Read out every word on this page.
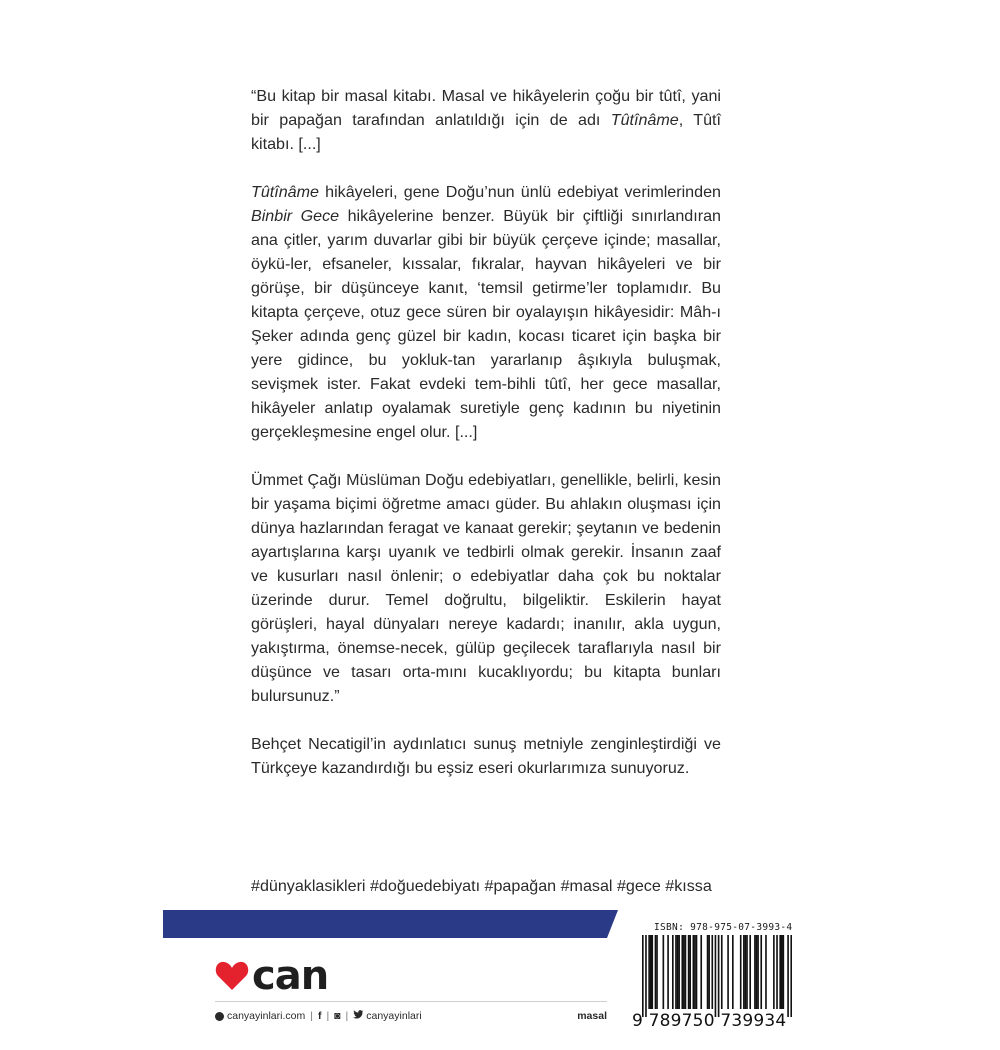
“Bu kitap bir masal kitabı. Masal ve hikâyelerin çoğu bir tûtî, yani bir papağan tarafından anlatıldığı için de adı Tûtînâme, Tûtî kitabı. [...]

Tûtînâme hikâyeleri, gene Doğu’nun ünlü edebiyat verimlerinden Binbir Gece hikâyelerine benzer. Büyük bir çiftliği sınırlandıran ana çitler, yarım duvarlar gibi bir büyük çerçeve içinde; masallar, öykü-ler, efsaneler, kıssalar, fıkralar, hayvan hikâyeleri ve bir görüşe, bir düşünceye kanıt, ‘temsil getirme’ler toplamıdır. Bu kitapta çerçeve, otuz gece süren bir oyalayışın hikâyesidir: Mâh-ı Şeker adında genç güzel bir kadın, kocası ticaret için başka bir yere gidince, bu yokluk-tan yararlanıp âşıkıyla buluşmak, sevişmek ister. Fakat evdeki tem-bihli tûtî, her gece masallar, hikâyeler anlatıp oyalamak suretiyle genç kadının bu niyetinin gerçekleşmesine engel olur. [...]

Ümmet Çağı Müslüman Doğu edebiyatları, genellikle, belirli, kesin bir yaşama biçimi öğretme amacı güder. Bu ahlakın oluşması için dünya hazlarından feragat ve kanaat gerekir; şeytanın ve bedenin ayartışlarına karşı uyanık ve tedbirli olmak gerekir. İnsanın zaaf ve kusurları nasıl önlenir; o edebiyatlar daha çok bu noktalar üzerinde durur. Temel doğrultu, bilgeliktir. Eskilerin hayat görüşleri, hayal dünyaları nereye kadardı; inanılır, akla uygun, yakıştırma, önemse-necek, gülüp geçilecek taraflarıyla nasıl bir düşünce ve tasarı orta-mını kucaklıyordu; bu kitapta bunları bulursunuz.”

Behçet Necatigil’in aydınlatıcı sunuş metniyle zenginleştirdiği ve Türkçeye kazandırdığı bu eşsiz eseri okurlarımıza sunuyoruz.

#dünyaklasikleri #doğuedebiyatı #papağan #masal #gece #kıssa
can
canyayinlari.com | f | ◙ | canyayinlari	masal
ISBN: 978-975-07-3993-4
9 789750 739934
